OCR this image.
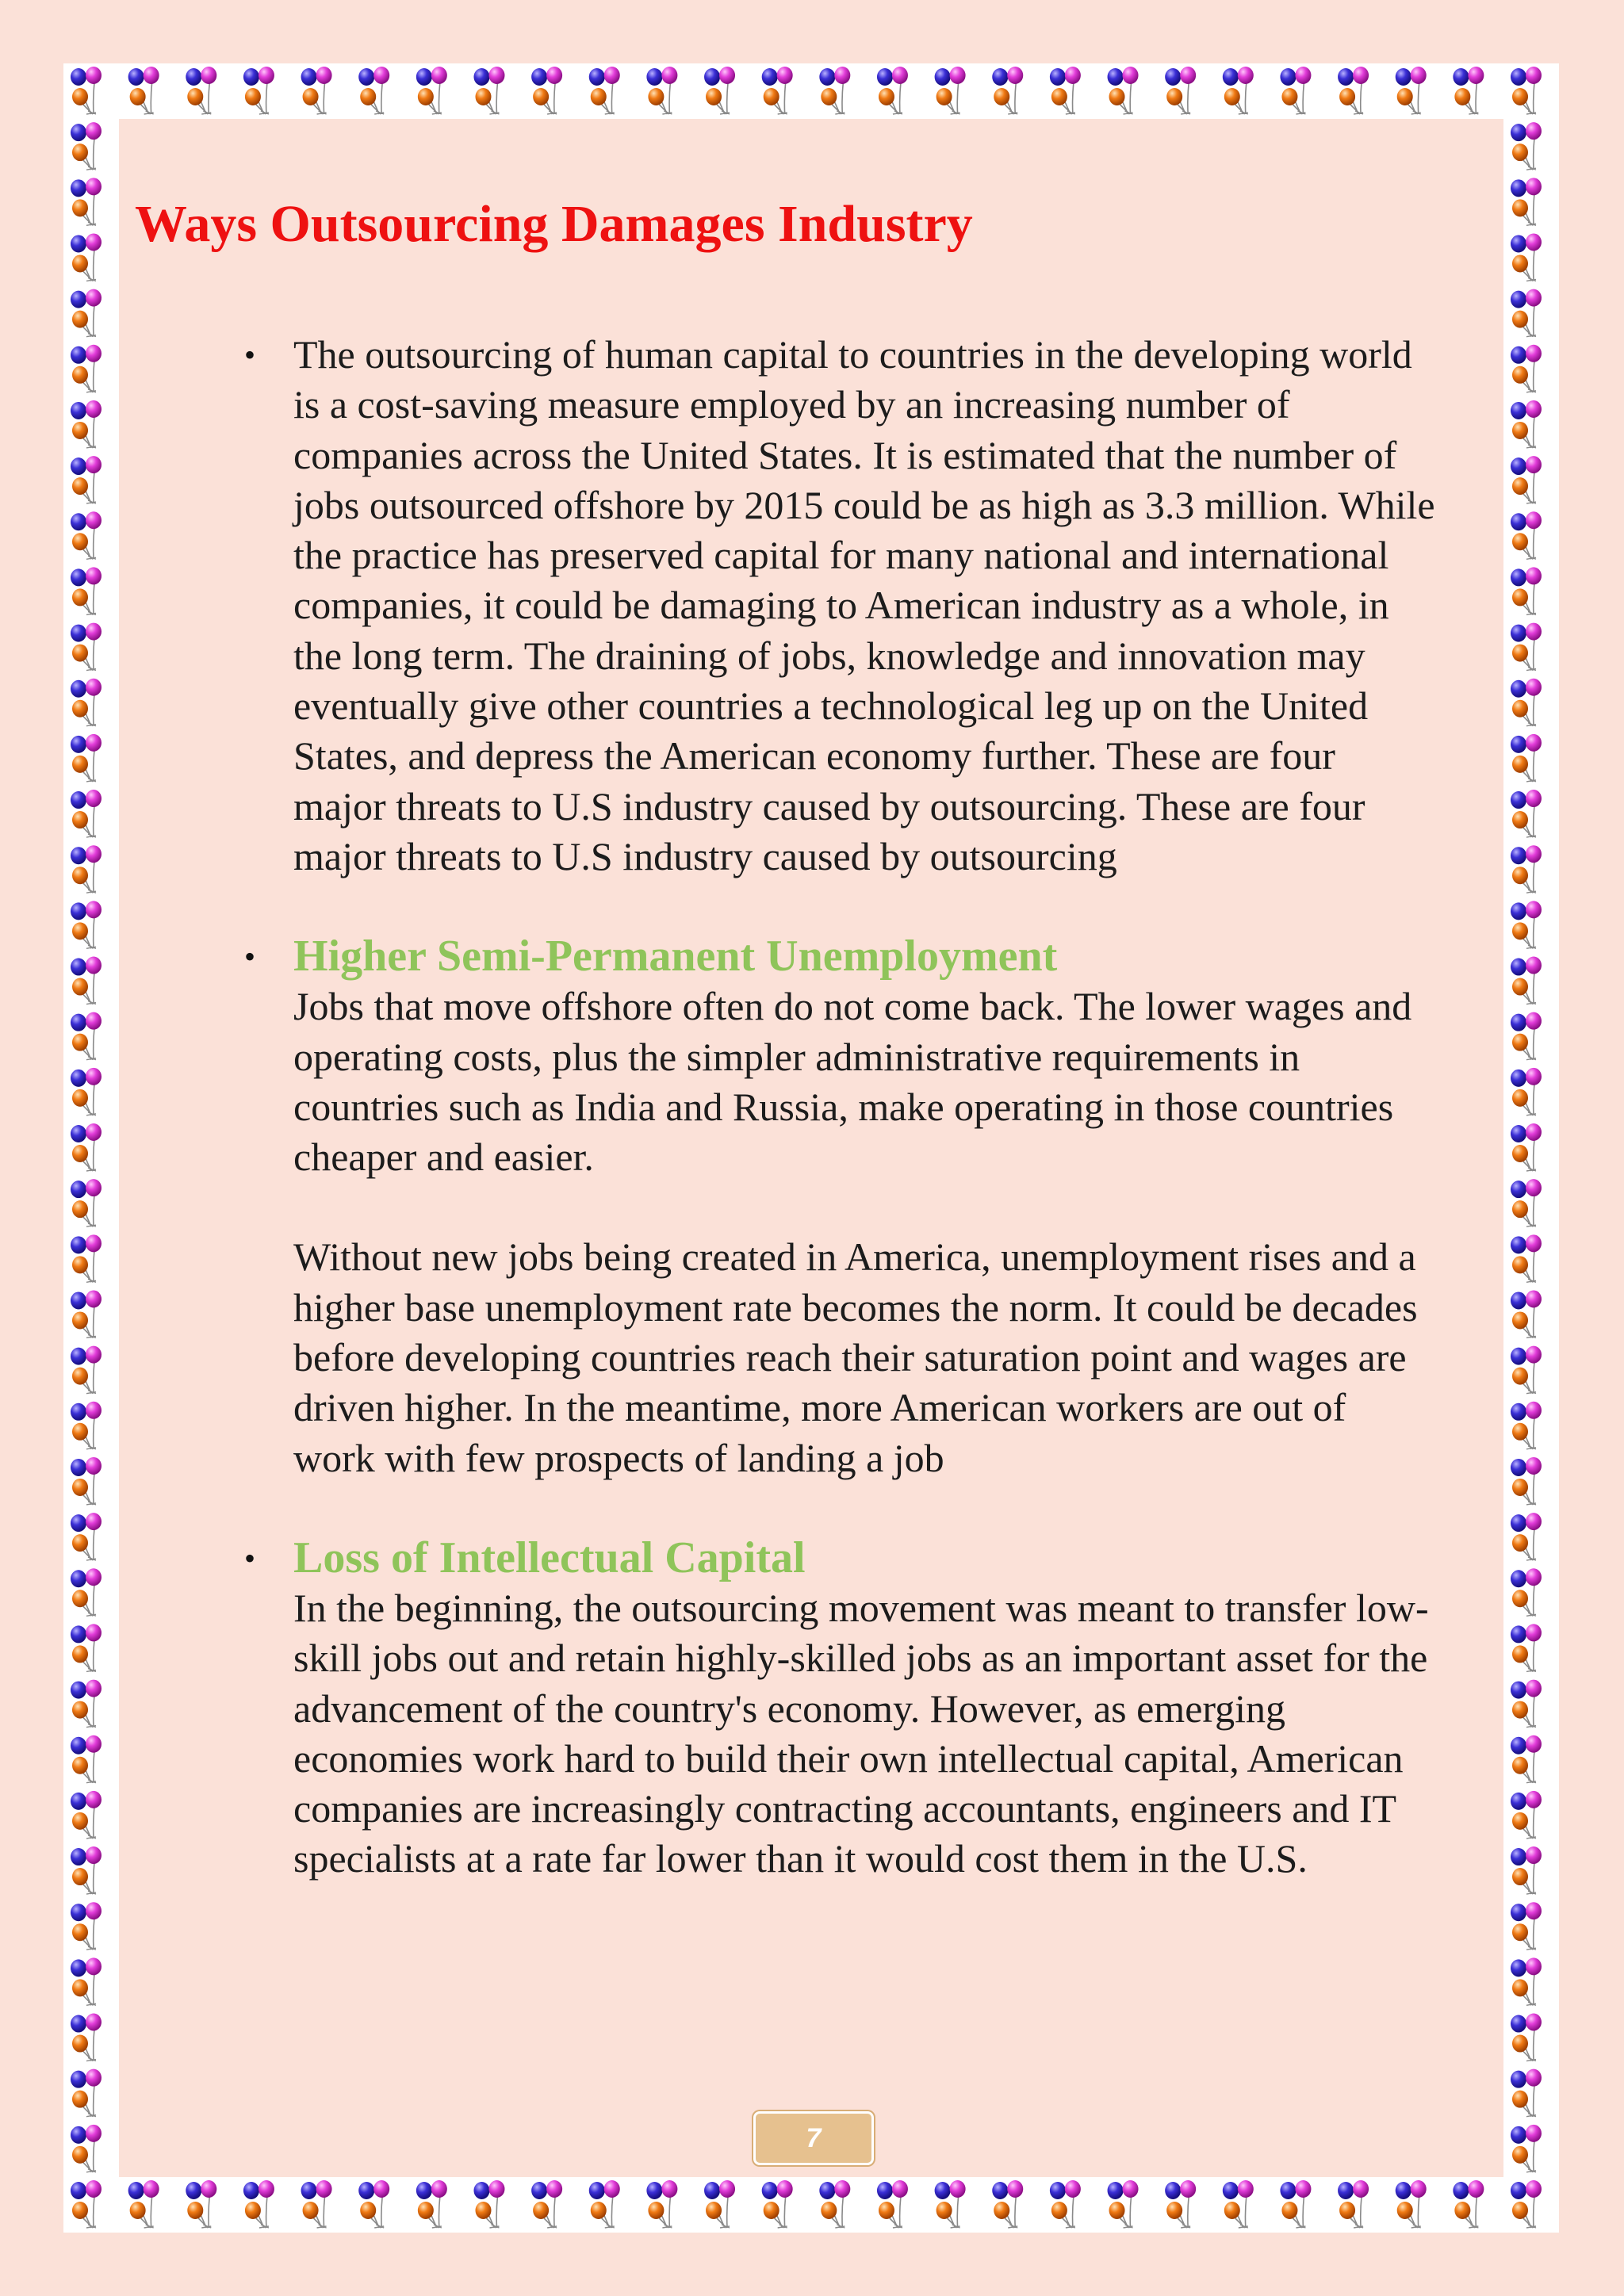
Ways Outsourcing Damages Industry

• The outsourcing of human capital to countries in the developing world is a cost-saving measure employed by an increasing number of companies across the United States. It is estimated that the number of jobs outsourced offshore by 2015 could be as high as 3.3 million. While the practice has preserved capital for many national and international companies, it could be damaging to American industry as a whole, in the long term. The draining of jobs, knowledge and innovation may eventually give other countries a technological leg up on the United States, and depress the American economy further. These are four major threats to U.S industry caused by outsourcing. These are four major threats to U.S industry caused by outsourcing

• Higher Semi-Permanent Unemployment

Jobs that move offshore often do not come back. The lower wages and operating costs, plus the simpler administrative requirements in countries such as India and Russia, make operating in those countries cheaper and easier.

Without new jobs being created in America, unemployment rises and a higher base unemployment rate becomes the norm. It could be decades before developing countries reach their saturation point and wages are driven higher. In the meantime, more American workers are out of work with few prospects of landing a job

• Loss of Intellectual Capital

In the beginning, the outsourcing movement was meant to transfer low-skill jobs out and retain highly-skilled jobs as an important asset for the advancement of the country's economy. However, as emerging economies work hard to build their own intellectual capital, American companies are increasingly contracting accountants, engineers and IT specialists at a rate far lower than it would cost them in the U.S.

7
